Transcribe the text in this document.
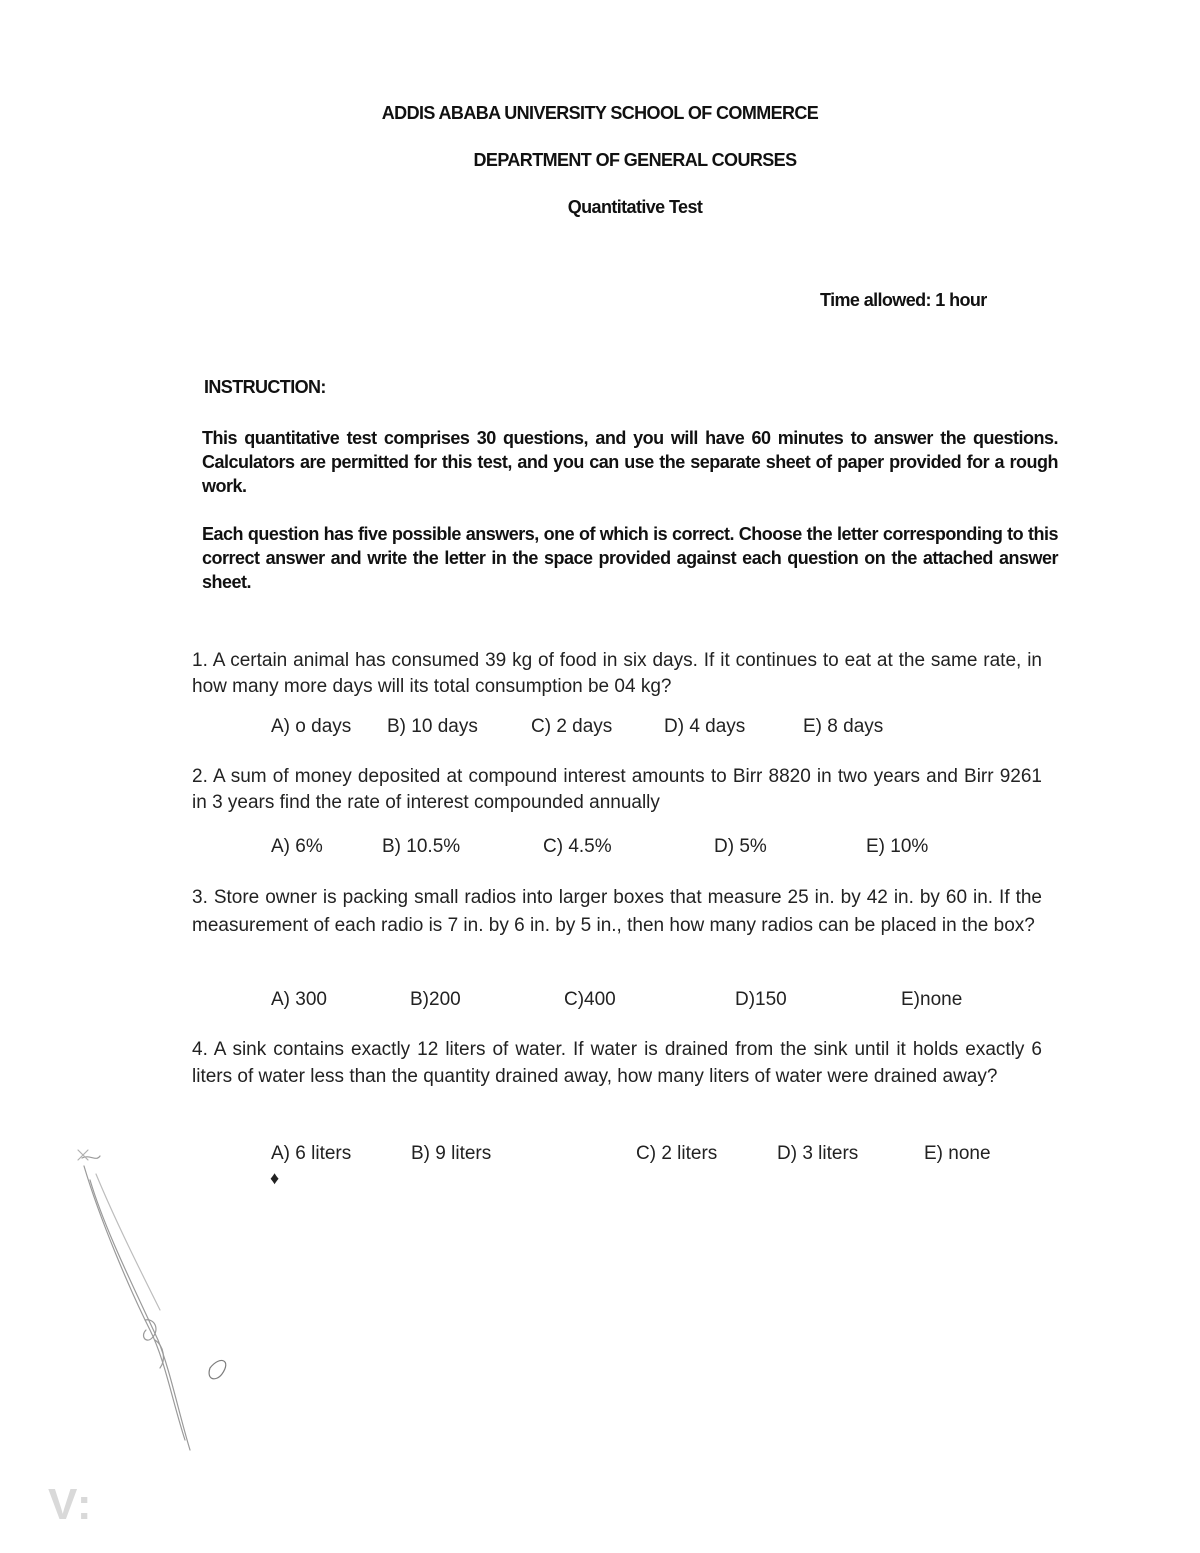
ADDIS ABABA UNIVERSITY SCHOOL OF COMMERCE
DEPARTMENT OF GENERAL COURSES
Quantitative Test
Time allowed: 1 hour
INSTRUCTION:
This quantitative test comprises 30 questions, and you will have 60 minutes to answer the questions. Calculators are permitted for this test, and you can use the separate sheet of paper provided for a rough work.
Each question has five possible answers, one of which is correct. Choose the letter corresponding to this correct answer and write the letter in the space provided against each question on the attached answer sheet.
1. A certain animal has consumed 39 kg of food in six days. If it continues to eat at the same rate, in how many more days will its total consumption be 04 kg?
A) o days B) 10 days	C) 2 days	D) 4 days	E) 8 days
2. A sum of money deposited at compound interest amounts to Birr 8820 in two years and Birr 9261 in 3 years find the rate of interest compounded annually
A) 6%	B) 10.5%	C) 4.5%	D) 5%	E) 10%
3. Store owner is packing small radios into larger boxes that measure 25 in. by 42 in. by 60 in. If the measurement of each radio is 7 in. by 6 in. by 5 in., then how many radios can be placed in the box?
A) 300	B)200	C)400	D)150	E)none
4. A sink contains exactly 12 liters of water. If water is drained from the sink until it holds exactly 6 liters of water less than the quantity drained away, how many liters of water were drained away?
A) 6 liters	B) 9 liters	C) 2 liters	D) 3 liters	E) none
♦
V:
